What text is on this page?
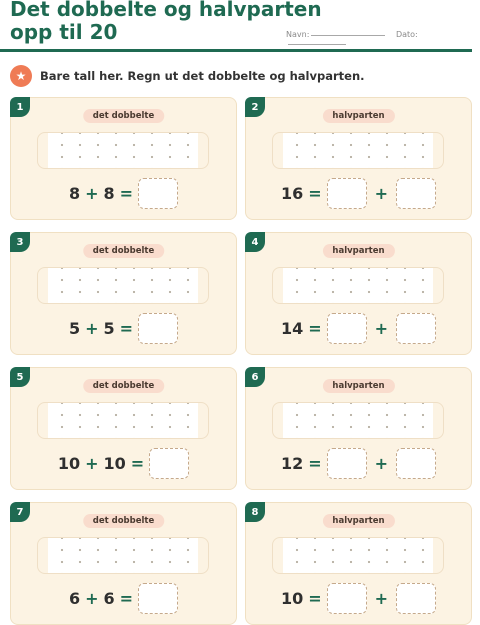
Det dobbelte og halvparten
opp til 20	Navn:	Dato:
★	Bare tall her. Regn ut det dobbelte og halvparten.
1
det dobbelte
8 + 8 =
2
halvparten
16 =	+
3
det dobbelte
5 + 5 =
4
halvparten
14 =	+
5
det dobbelte
10 + 10 =
6
halvparten
12 =	+
7
det dobbelte
6 + 6 =
8
halvparten
10 =	+
